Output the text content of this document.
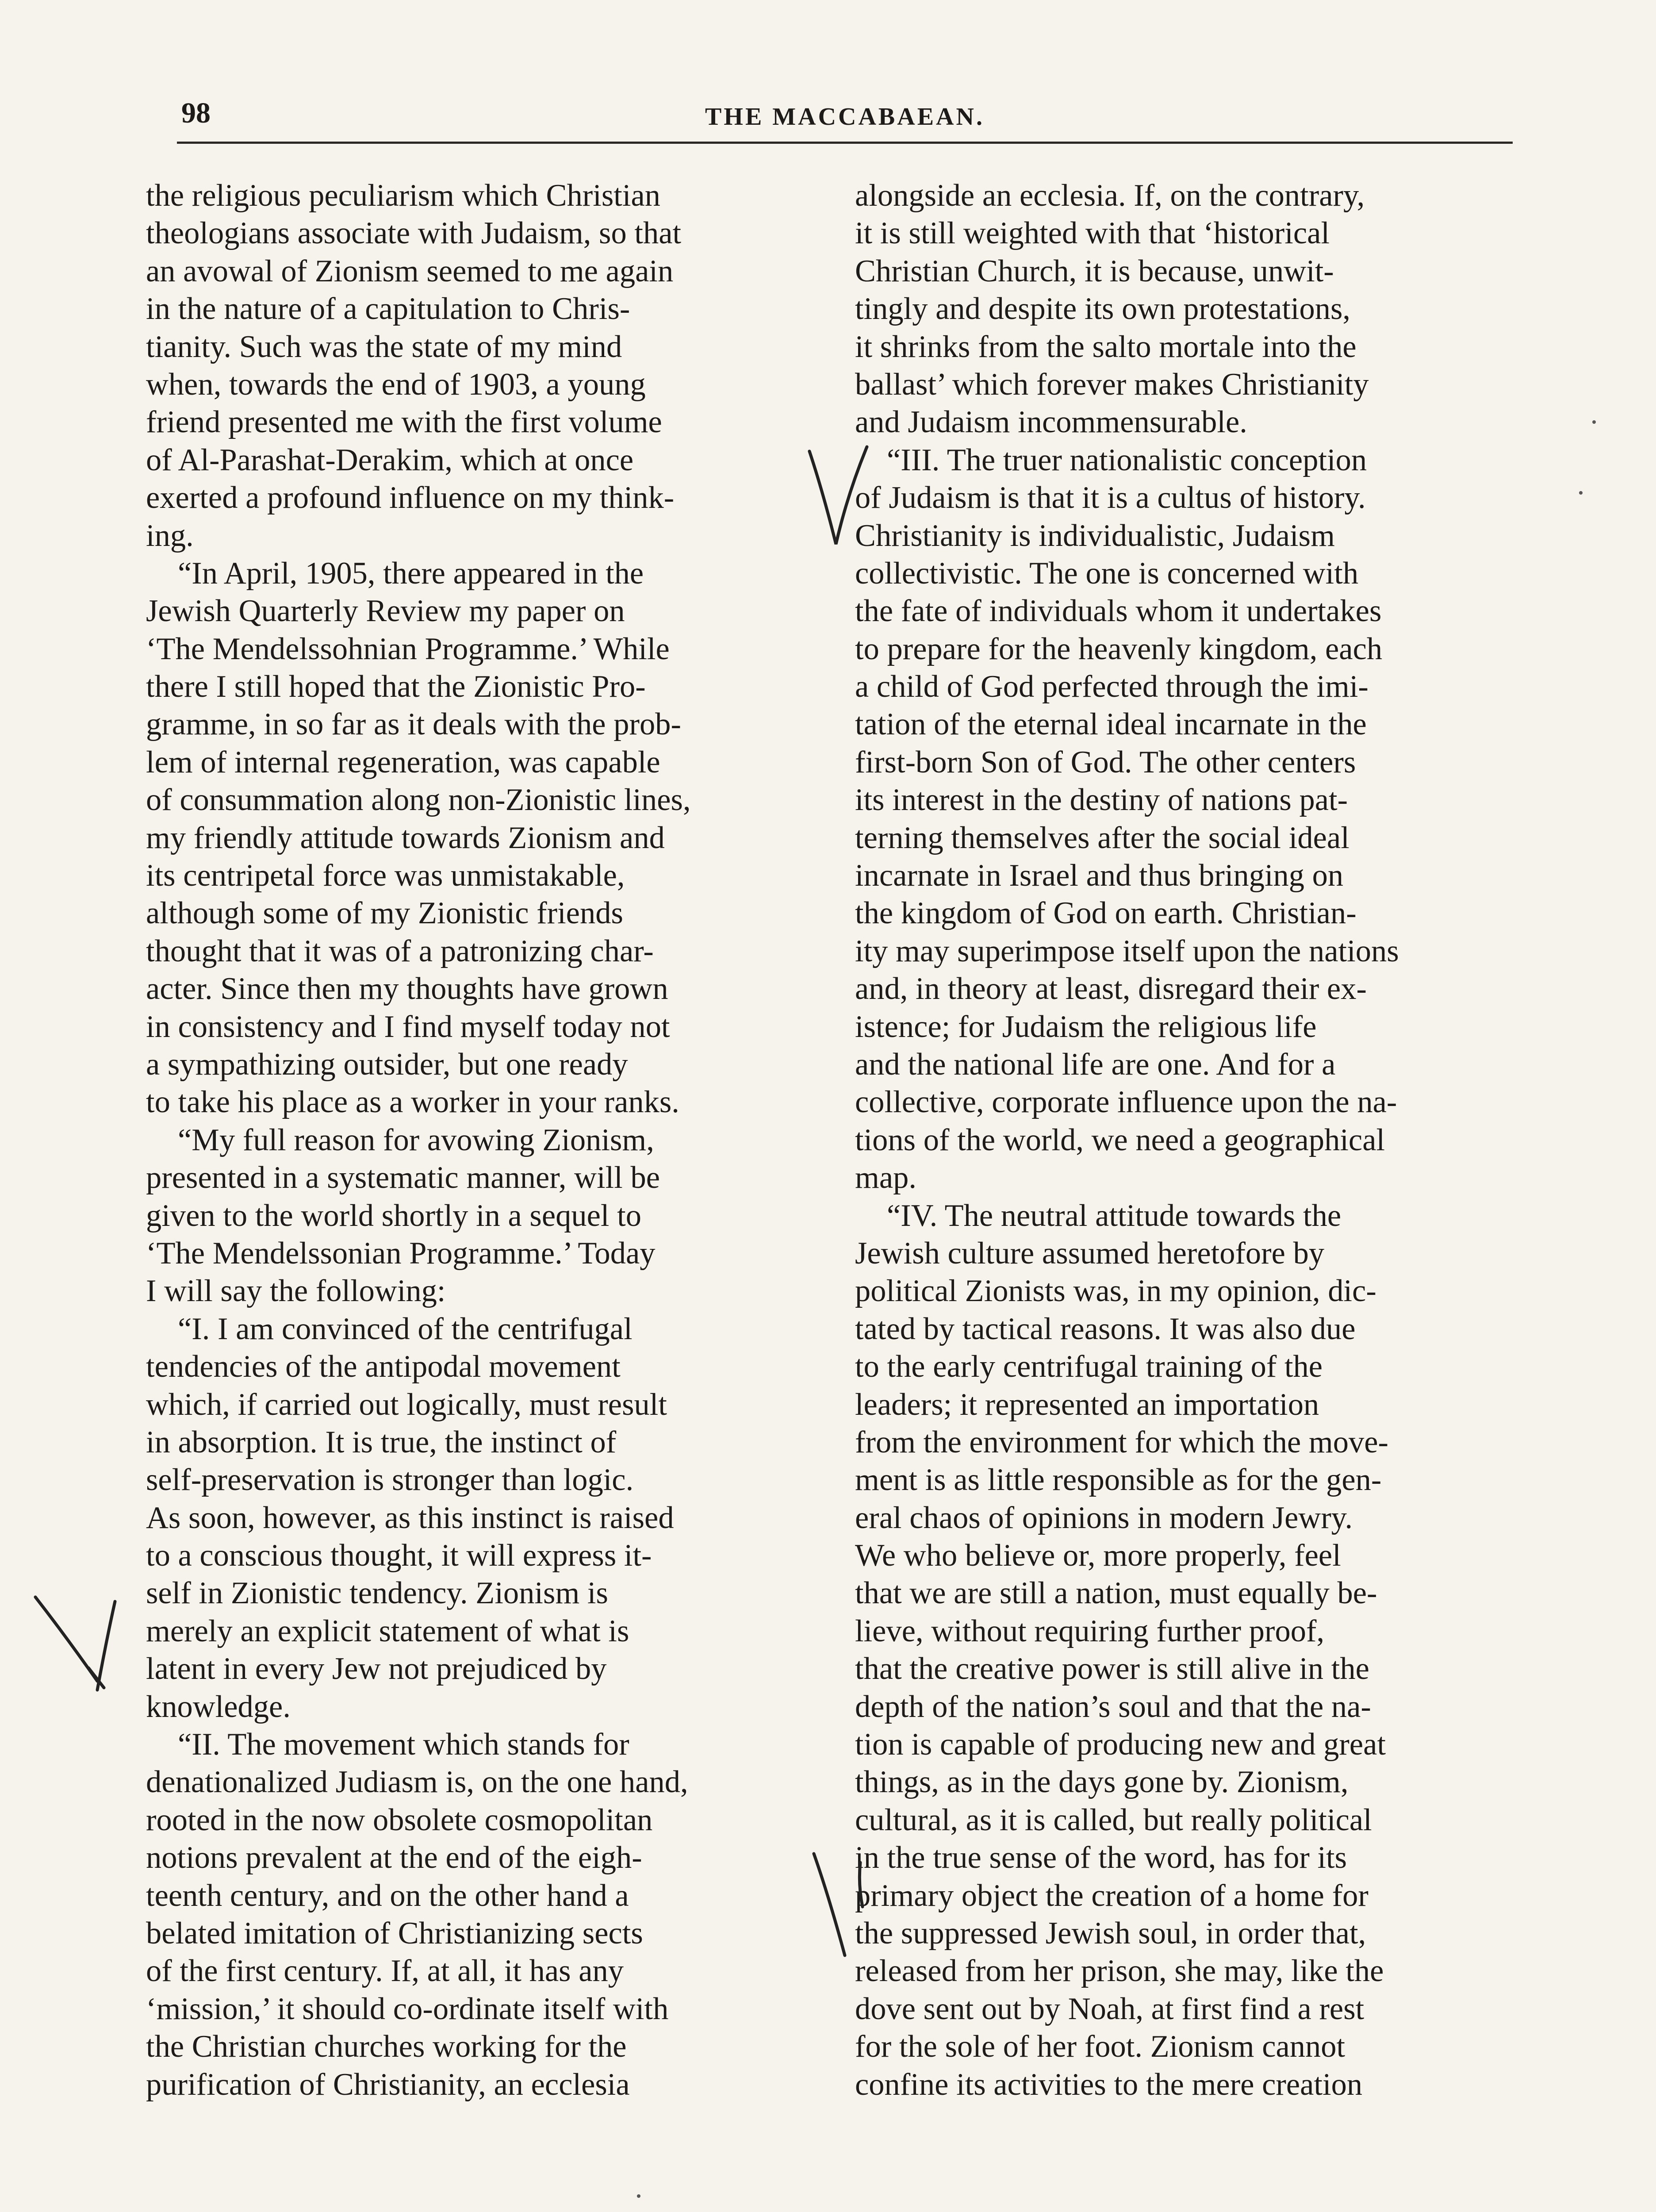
98	THE MACCABAEAN.
the religious peculiarism which Christian
theologians associate with Judaism, so that
an avowal of Zionism seemed to me again
in the nature of a capitulation to Chris-
tianity. Such was the state of my mind
when, towards the end of 1903, a young
friend presented me with the first volume
of Al-Parashat-Derakim, which at once
exerted a profound influence on my think-
ing.
“In April, 1905, there appeared in the
Jewish Quarterly Review my paper on
‘The Mendelssohnian Programme.’ While
there I still hoped that the Zionistic Pro-
gramme, in so far as it deals with the prob-
lem of internal regeneration, was capable
of consummation along non-Zionistic lines,
my friendly attitude towards Zionism and
its centripetal force was unmistakable,
although some of my Zionistic friends
thought that it was of a patronizing char-
acter. Since then my thoughts have grown
in consistency and I find myself today not
a sympathizing outsider, but one ready
to take his place as a worker in your ranks.
“My full reason for avowing Zionism,
presented in a systematic manner, will be
given to the world shortly in a sequel to
‘The Mendelssonian Programme.’ Today
I will say the following:
“I. I am convinced of the centrifugal
tendencies of the antipodal movement
which, if carried out logically, must result
in absorption. It is true, the instinct of
self-preservation is stronger than logic.
As soon, however, as this instinct is raised
to a conscious thought, it will express it-
self in Zionistic tendency. Zionism is
merely an explicit statement of what is
latent in every Jew not prejudiced by
knowledge.
“II. The movement which stands for
denationalized Judiasm is, on the one hand,
rooted in the now obsolete cosmopolitan
notions prevalent at the end of the eigh-
teenth century, and on the other hand a
belated imitation of Christianizing sects
of the first century. If, at all, it has any
‘mission,’ it should co-ordinate itself with
the Christian churches working for the
purification of Christianity, an ecclesia
alongside an ecclesia. If, on the contrary,
it is still weighted with that ‘historical
Christian Church, it is because, unwit-
tingly and despite its own protestations,
it shrinks from the salto mortale into the
ballast’ which forever makes Christianity
and Judaism incommensurable.
“III. The truer nationalistic conception
of Judaism is that it is a cultus of history.
Christianity is individualistic, Judaism
collectivistic. The one is concerned with
the fate of individuals whom it undertakes
to prepare for the heavenly kingdom, each
a child of God perfected through the imi-
tation of the eternal ideal incarnate in the
first-born Son of God. The other centers
its interest in the destiny of nations pat-
terning themselves after the social ideal
incarnate in Israel and thus bringing on
the kingdom of God on earth. Christian-
ity may superimpose itself upon the nations
and, in theory at least, disregard their ex-
istence; for Judaism the religious life
and the national life are one. And for a
collective, corporate influence upon the na-
tions of the world, we need a geographical
map.
“IV. The neutral attitude towards the
Jewish culture assumed heretofore by
political Zionists was, in my opinion, dic-
tated by tactical reasons. It was also due
to the early centrifugal training of the
leaders; it represented an importation
from the environment for which the move-
ment is as little responsible as for the gen-
eral chaos of opinions in modern Jewry.
We who believe or, more properly, feel
that we are still a nation, must equally be-
lieve, without requiring further proof,
that the creative power is still alive in the
depth of the nation’s soul and that the na-
tion is capable of producing new and great
things, as in the days gone by. Zionism,
cultural, as it is called, but really political
in the true sense of the word, has for its
primary object the creation of a home for
the suppressed Jewish soul, in order that,
released from her prison, she may, like the
dove sent out by Noah, at first find a rest
for the sole of her foot. Zionism cannot
confine its activities to the mere creation
